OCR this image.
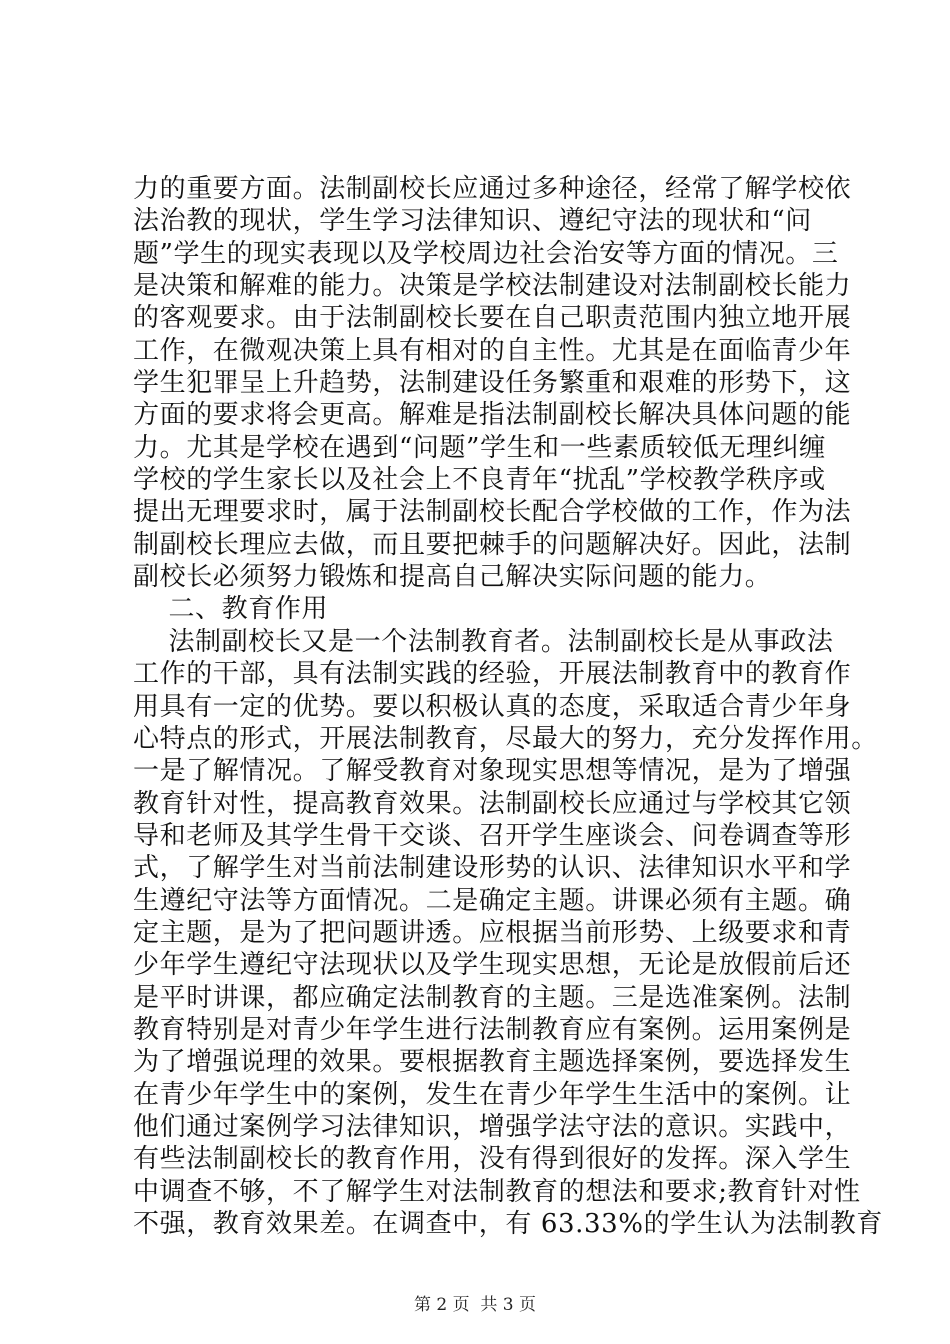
力的重要方面。法制副校长应通过多种途径，经常了解学校依
法治教的现状，学生学习法律知识、遵纪守法的现状和“问
题”学生的现实表现以及学校周边社会治安等方面的情况。三
是决策和解难的能力。决策是学校法制建设对法制副校长能力
的客观要求。由于法制副校长要在自己职责范围内独立地开展
工作，在微观决策上具有相对的自主性。尤其是在面临青少年
学生犯罪呈上升趋势，法制建设任务繁重和艰难的形势下，这
方面的要求将会更高。解难是指法制副校长解决具体问题的能
力。尤其是学校在遇到“问题”学生和一些素质较低无理纠缠
学校的学生家长以及社会上不良青年“扰乱”学校教学秩序或
提出无理要求时，属于法制副校长配合学校做的工作，作为法
制副校长理应去做，而且要把棘手的问题解决好。因此，法制
副校长必须努力锻炼和提高自己解决实际问题的能力。
二、教育作用
法制副校长又是一个法制教育者。法制副校长是从事政法
工作的干部，具有法制实践的经验，开展法制教育中的教育作
用具有一定的优势。要以积极认真的态度，采取适合青少年身
心特点的形式，开展法制教育，尽最大的努力，充分发挥作用。
一是了解情况。了解受教育对象现实思想等情况，是为了增强
教育针对性，提高教育效果。法制副校长应通过与学校其它领
导和老师及其学生骨干交谈、召开学生座谈会、问卷调查等形
式，了解学生对当前法制建设形势的认识、法律知识水平和学
生遵纪守法等方面情况。二是确定主题。讲课必须有主题。确
定主题，是为了把问题讲透。应根据当前形势、上级要求和青
少年学生遵纪守法现状以及学生现实思想，无论是放假前后还
是平时讲课，都应确定法制教育的主题。三是选准案例。法制
教育特别是对青少年学生进行法制教育应有案例。运用案例是
为了增强说理的效果。要根据教育主题选择案例，要选择发生
在青少年学生中的案例，发生在青少年学生生活中的案例。让
他们通过案例学习法律知识，增强学法守法的意识。实践中，
有些法制副校长的教育作用，没有得到很好的发挥。深入学生
中调查不够，不了解学生对法制教育的想法和要求;教育针对性
不强，教育效果差。在调查中，有 63.33%的学生认为法制教育
第 2 页  共 3 页
